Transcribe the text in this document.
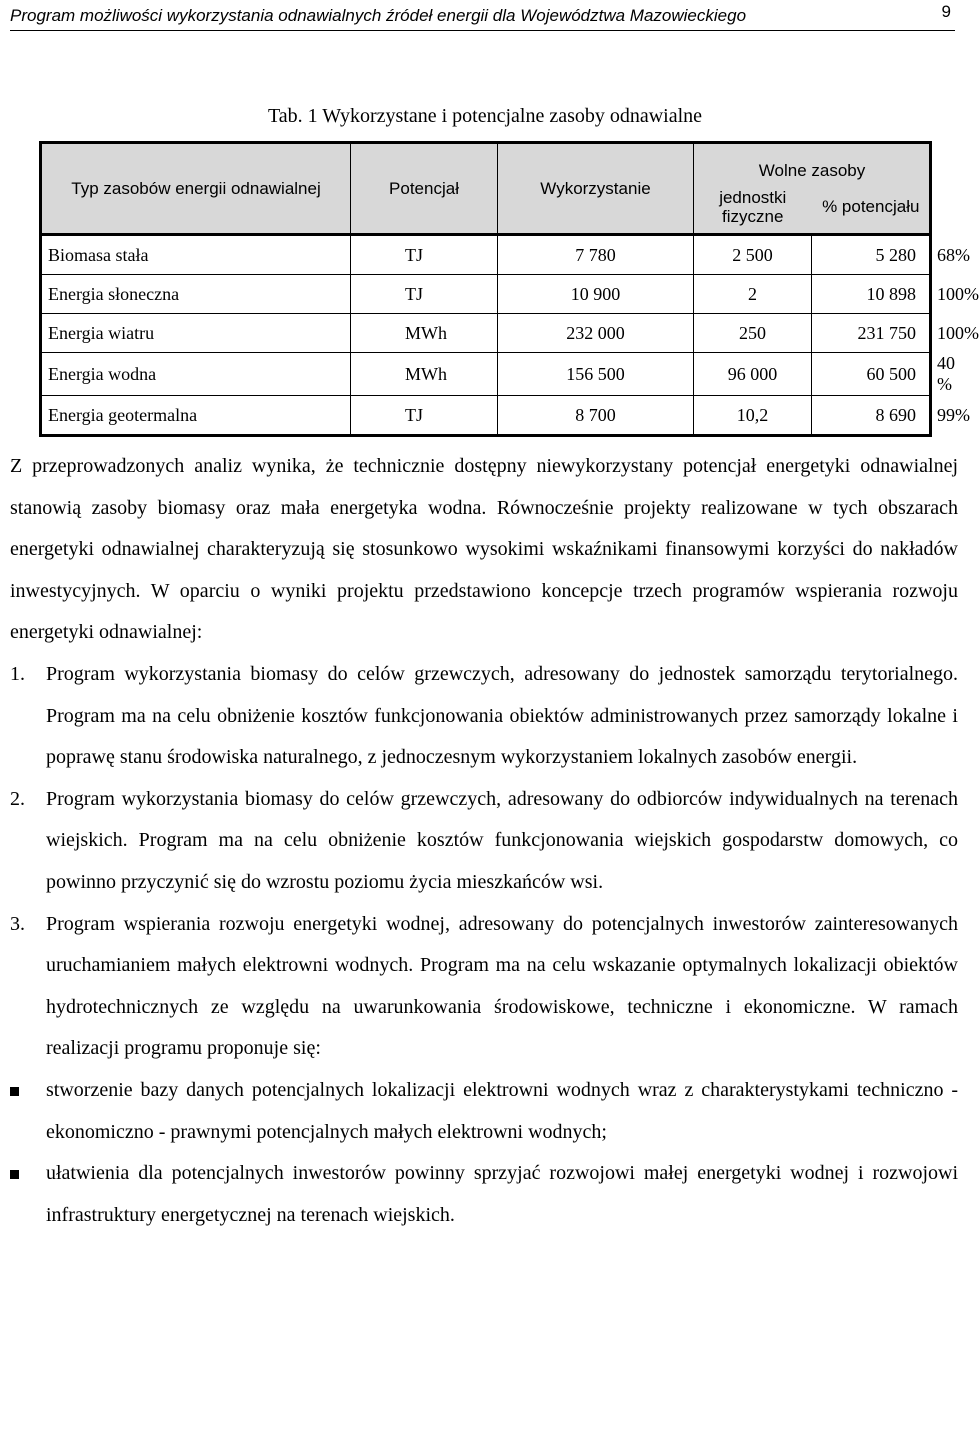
Program możliwości wykorzystania odnawialnych źródeł energii dla Województwa Mazowieckiego	9
Tab. 1 Wykorzystane i potencjalne zasoby odnawialne
Typ zasobów energii odnawialnej	Potencjał	Wykorzystanie	Wolne zasoby		
			jednostki fizyczne	% potencjału	
Biomasa stała	TJ	7 780	2 500	5 280	68%
Energia słoneczna	TJ	10 900	2	10 898	100%
Energia wiatru	MWh	232 000	250	231 750	100%
Energia wodna	MWh	156 500	96 000	60 500	40 %
Energia geotermalna	TJ	8 700	10,2	8 690	99%

Z przeprowadzonych analiz wynika, że technicznie dostępny niewykorzystany potencjał energetyki odnawialnej stanowią zasoby biomasy oraz mała energetyka wodna. Równocześnie projekty realizowane w tych obszarach energetyki odnawialnej charakteryzują się stosunkowo wysokimi wskaźnikami finansowymi korzyści do nakładów inwestycyjnych. W oparciu o wyniki projektu przedstawiono koncepcje trzech programów wspierania rozwoju energetyki odnawialnej:

1.	Program wykorzystania biomasy do celów grzewczych, adresowany do jednostek samorządu terytorialnego. Program ma na celu obniżenie kosztów funkcjonowania obiektów administrowanych przez samorządy lokalne i poprawę stanu środowiska naturalnego, z jednoczesnym wykorzystaniem lokalnych zasobów energii.
2.	Program wykorzystania biomasy do celów grzewczych, adresowany do odbiorców indywidualnych na terenach wiejskich. Program ma na celu obniżenie kosztów funkcjonowania wiejskich gospodarstw domowych, co powinno przyczynić się do wzrostu poziomu życia mieszkańców wsi.
3.	Program wspierania rozwoju energetyki wodnej, adresowany do potencjalnych inwestorów zainteresowanych uruchamianiem małych elektrowni wodnych. Program ma na celu wskazanie optymalnych lokalizacji obiektów hydrotechnicznych ze względu na uwarunkowania środowiskowe, techniczne i ekonomiczne. W ramach realizacji programu proponuje się:
stworzenie bazy danych potencjalnych lokalizacji elektrowni wodnych wraz z charakterystykami techniczno - ekonomiczno - prawnymi potencjalnych małych elektrowni wodnych;
ułatwienia dla potencjalnych inwestorów powinny sprzyjać rozwojowi małej energetyki wodnej i rozwojowi infrastruktury energetycznej na terenach wiejskich.
